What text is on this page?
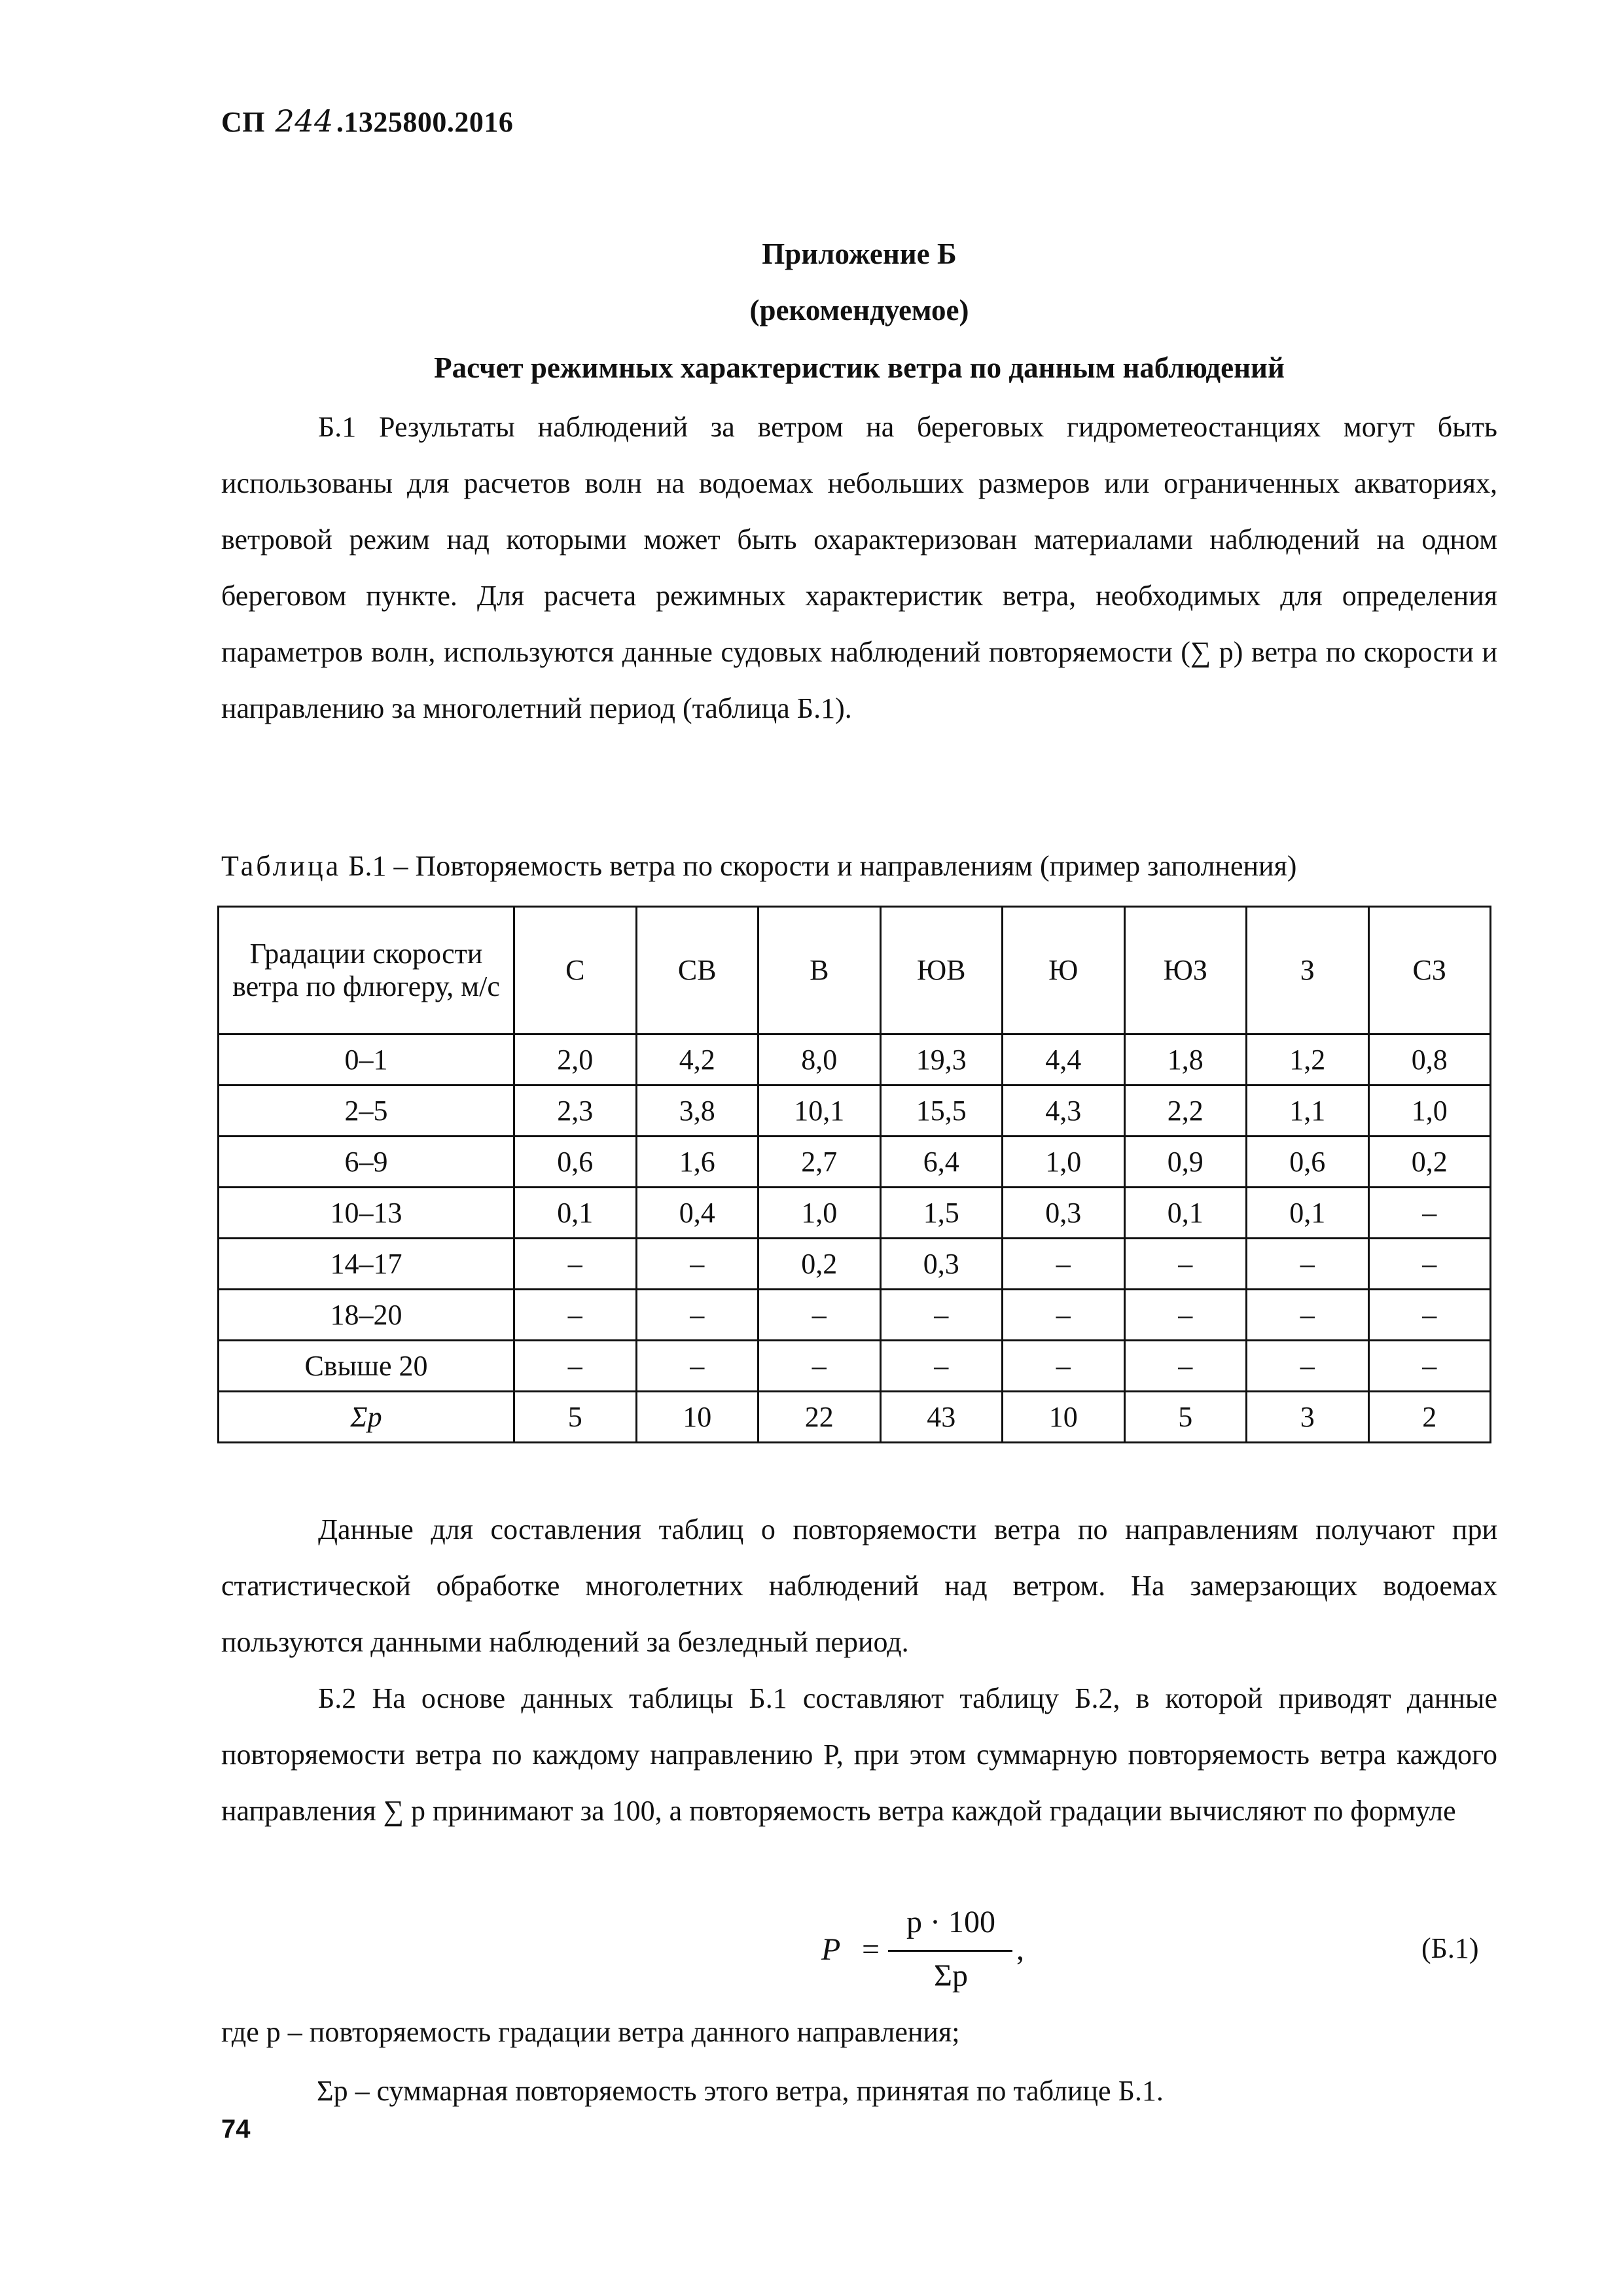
СП 244.1325800.2016
Приложение Б
(рекомендуемое)
Расчет режимных характеристик ветра по данным наблюдений

Б.1 Результаты наблюдений за ветром на береговых гидрометеостанциях могут быть использованы для расчетов волн на водоемах небольших размеров или ограниченных акваториях, ветровой режим над которыми может быть охарактеризован материалами наблюдений на одном береговом пункте. Для расчета режимных характеристик ветра, необходимых для определения параметров волн, используются данные судовых наблюдений повторяемости (∑ p) ветра по скорости и направлению за многолетний период (таблица Б.1).

Таблица Б.1 – Повторяемость ветра по скорости и направлениям (пример заполнения)
Градации скорости ветра по флюгеру, м/с	С	СВ	В	ЮВ	Ю	ЮЗ	З	СЗ
0–1	2,0	4,2	8,0	19,3	4,4	1,8	1,2	0,8
2–5	2,3	3,8	10,1	15,5	4,3	2,2	1,1	1,0
6–9	0,6	1,6	2,7	6,4	1,0	0,9	0,6	0,2
10–13	0,1	0,4	1,0	1,5	0,3	0,1	0,1	–
14–17	–	–	0,2	0,3	–	–	–	–
18–20	–	–	–	–	–	–	–	–
Свыше 20	–	–	–	–	–	–	–	–
Σp	5	10	22	43	10	5	3	2

Данные для составления таблиц о повторяемости ветра по направлениям получают при статистической обработке многолетних наблюдений над ветром. На замерзающих водоемах пользуются данными наблюдений за безледный период.

Б.2 На основе данных таблицы Б.1 составляют таблицу Б.2, в которой приводят данные повторяемости ветра по каждому направлению P, при этом суммарную повторяемость ветра каждого направления ∑ p принимают за 100, а повторяемость ветра каждой градации вычисляют по формуле

P =
p · 100
Σp
,	(Б.1)
где p – повторяемость градации ветра данного направления;
Σp – суммарная повторяемость этого ветра, принятая по таблице Б.1.
74
